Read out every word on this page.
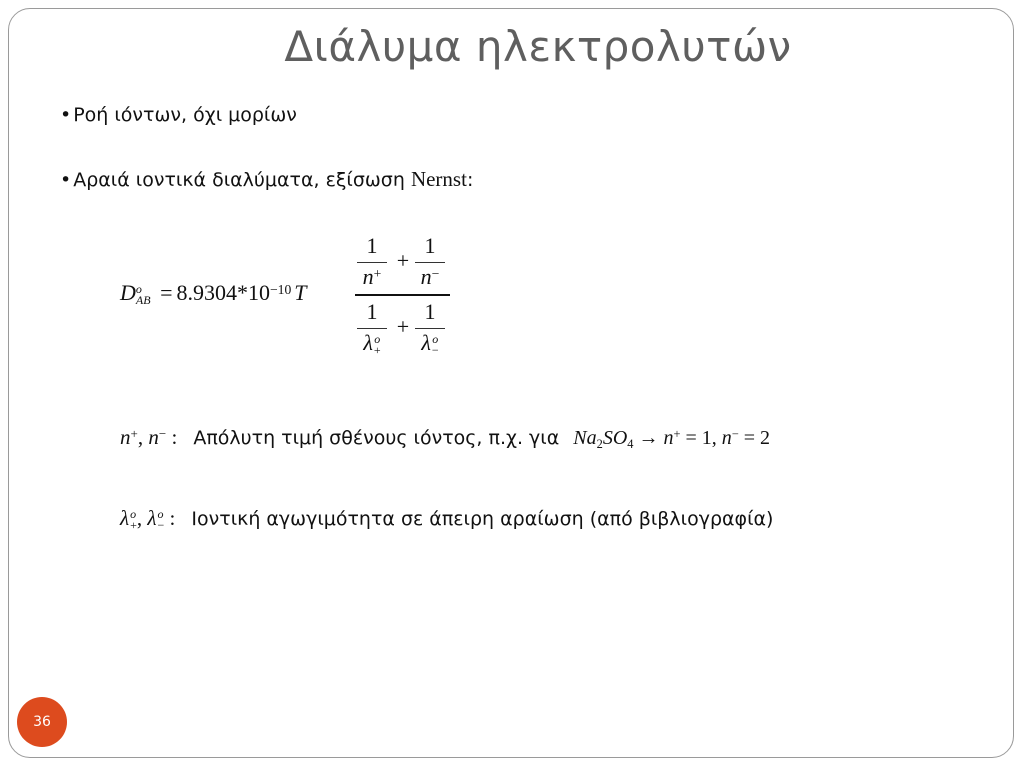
Διάλυμα ηλεκτρολυτών
• Ροή ιόντων, όχι μορίων
• Αραιά ιοντικά διαλύματα, εξίσωση Nernst:
D o
AB = $8.9304*10^{-10}$ T
1
n+
+
1
n−
1
λ o
+
+
1
λ o
−
n+, n− : Απόλυτη τιμή σθένους ιόντος, π.χ. για $Na_2SO_4 \to n^+ = 1$, n− = 2
λ o
+ , λ o
− : Ιοντική αγωγιμότητα σε άπειρη αραίωση (από βιβλιογραφία)
36
